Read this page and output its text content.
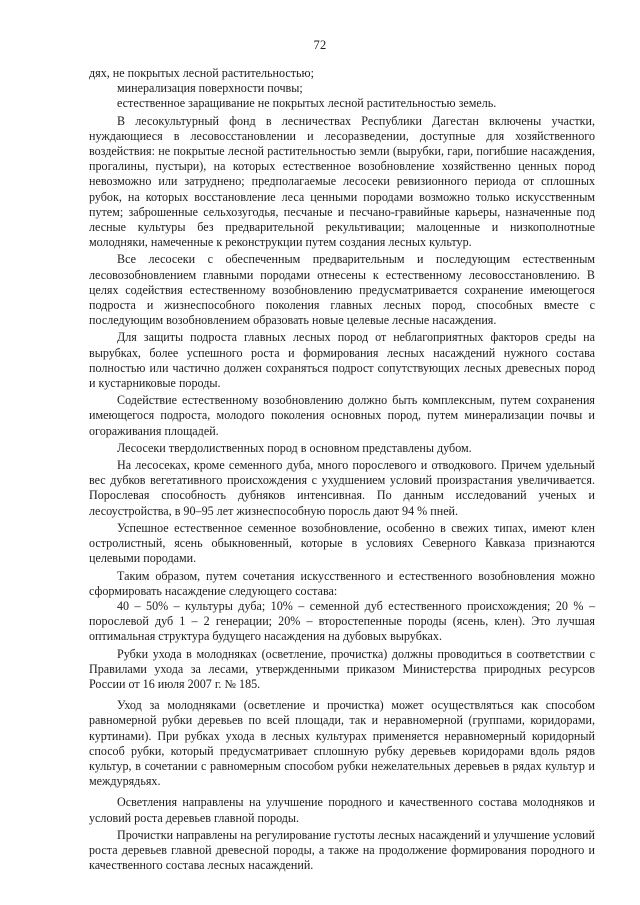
72

дях, не покрытых лесной растительностью;

минерализация поверхности почвы;

естественное заращивание не покрытых лесной растительностью земель.

В лесокультурный фонд в лесничествах Республики Дагестан включены участки, нуждающиеся в лесовосстановлении и лесоразведении, доступные для хозяйственного воздействия: не покрытые лесной растительностью земли (вырубки, гари, погибшие насаждения, прогалины, пустыри), на которых естественное возобновление хозяйственно ценных пород невозможно или затруднено; предполагаемые лесосеки ревизионного периода от сплошных рубок, на которых восстановление леса ценными породами возможно только искусственным путем; заброшенные сельхозугодья, песчаные и песчано-гравийные карьеры, назначенные под лесные культуры без предварительной рекультивации; малоценные и низкополнотные молодняки, намеченные к реконструкции путем создания лесных культур.

Все лесосеки с обеспеченным предварительным и последующим естественным лесовозобновлением главными породами отнесены к естественному лесовосстановлению. В целях содействия естественному возобновлению предусматривается сохранение имеющегося подроста и жизнеспособного поколения главных лесных пород, способных вместе с последующим возобновлением образовать новые целевые лесные насаждения.

Для защиты подроста главных лесных пород от неблагоприятных факторов среды на вырубках, более успешного роста и формирования лесных насаждений нужного состава полностью или частично должен сохраняться подрост сопутствующих лесных древесных пород и кустарниковые породы.

Содействие естественному возобновлению должно быть комплексным, путем сохранения имеющегося подроста, молодого поколения основных пород, путем минерализации почвы и огораживания площадей.

Лесосеки твердолиственных пород в основном представлены дубом.

На лесосеках, кроме семенного дуба, много порослевого и отводкового. Причем удельный вес дубков вегетативного происхождения с ухудшением условий произрастания увеличивается. Порослевая способность дубняков интенсивная. По данным исследований ученых и лесоустройства, в 90–95 лет жизнеспособную поросль дают 94 % пней.

Успешное естественное семенное возобновление, особенно в свежих типах, имеют клен остролистный, ясень обыкновенный, которые в условиях Северного Кавказа признаются целевыми породами.

Таким образом, путем сочетания искусственного и естественного возобновления можно сформировать насаждение следующего состава:

40 – 50% – культуры дуба; 10% – семенной дуб естественного происхождения; 20 % – порослевой дуб 1 – 2 генерации; 20% – второстепенные породы (ясень, клен). Это лучшая оптимальная структура будущего насаждения на дубовых вырубках.

Рубки ухода в молодняках (осветление, прочистка) должны проводиться в соответствии с Правилами ухода за лесами, утвержденными приказом Министерства природных ресурсов России от 16 июля 2007 г. № 185.

Уход за молодняками (осветление и прочистка) может осуществляться как способом равномерной рубки деревьев по всей площади, так и неравномерной (группами, коридорами, куртинами). При рубках ухода в лесных культурах применяется неравномерный коридорный способ рубки, который предусматривает сплошную рубку деревьев коридорами вдоль рядов культур, в сочетании с равномерным способом рубки нежелательных деревьев в рядах культур и междурядьях.

Осветления направлены на улучшение породного и качественного состава молодняков и условий роста деревьев главной породы.

Прочистки направлены на регулирование густоты лесных насаждений и улучшение условий роста деревьев главной древесной породы, а также на продолжение формирования породного и качественного состава лесных насаждений.
